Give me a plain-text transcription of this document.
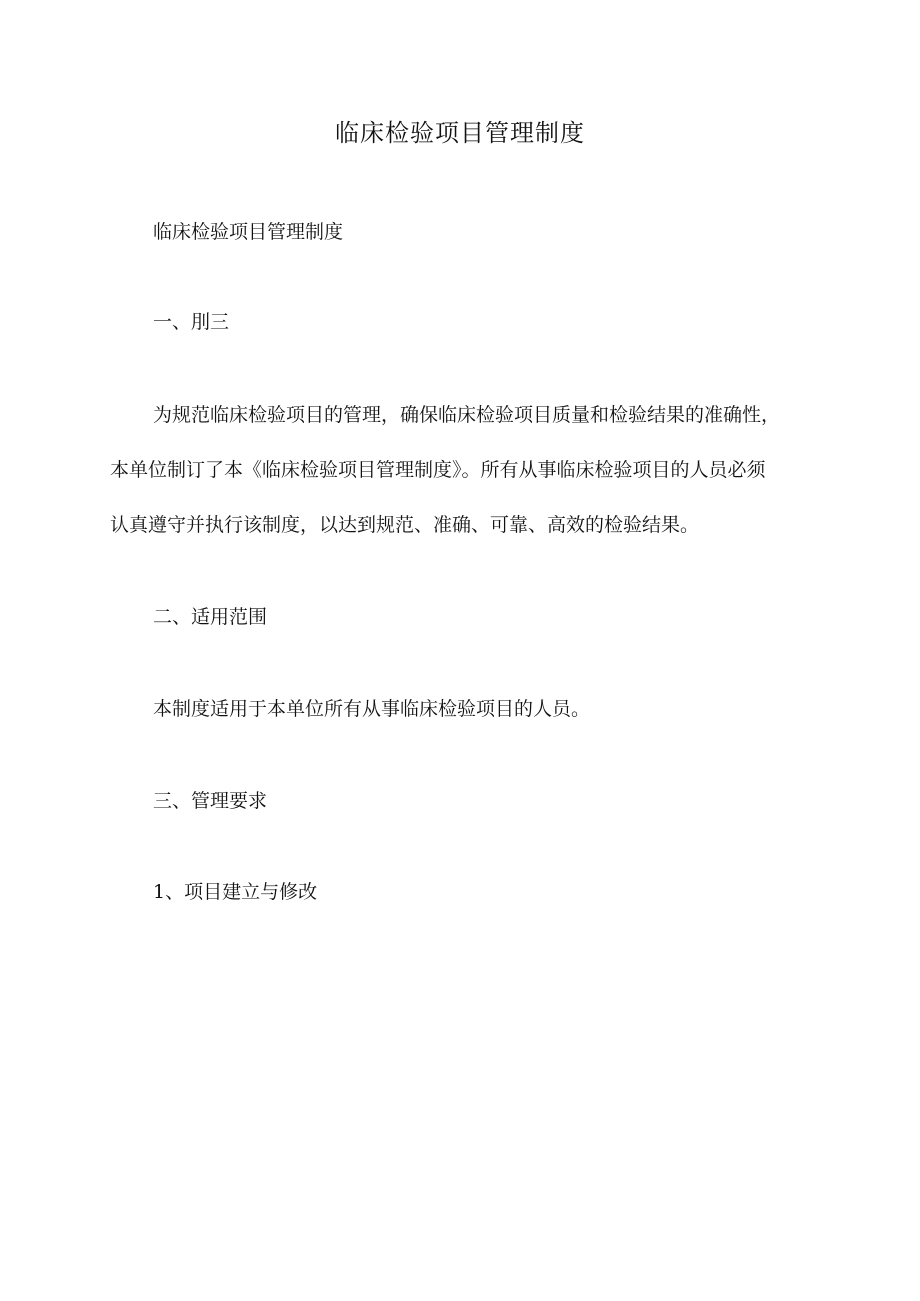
临床检验项目管理制度

临床检验项目管理制度

一、刖三

为规范临床检验项目的管理，确保临床检验项目质量和检验结果的准确性，

本单位制订了本《临床检验项目管理制度》。所有从事临床检验项目的人员必须

认真遵守并执行该制度，以达到规范、准确、可靠、高效的检验结果。

二、适用范围

本制度适用于本单位所有从事临床检验项目的人员。

三、管理要求

1、项目建立与修改
